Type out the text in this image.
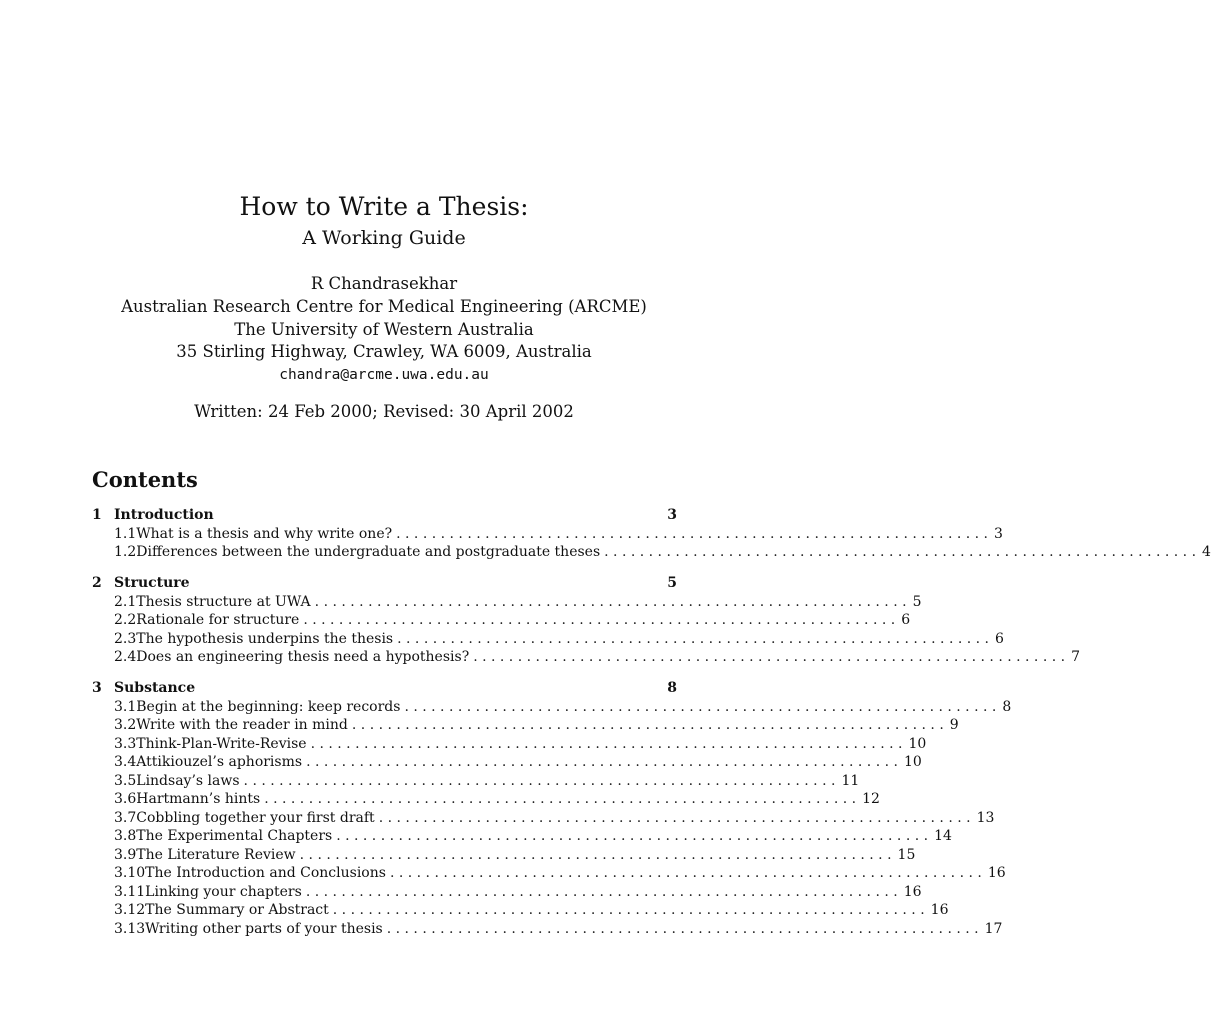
How to Write a Thesis:
A Working Guide
R Chandrasekhar
Australian Research Centre for Medical Engineering (ARCME)
The University of Western Australia
35 Stirling Highway, Crawley, WA 6009, Australia
chandra@arcme.uwa.edu.au
Written: 24 Feb 2000; Revised: 30 April 2002
Contents
1 Introduction	3
1.1 What is a thesis and why write one? . . .	3
1.2 Differences between the undergraduate and postgraduate theses . . .	4
2 Structure	5
2.1 Thesis structure at UWA . . .	5
2.2 Rationale for structure . . .	6
2.3 The hypothesis underpins the thesis . . .	6
2.4 Does an engineering thesis need a hypothesis? . . .	7
3 Substance	8
3.1 Begin at the beginning: keep records . . .	8
3.2 Write with the reader in mind . . .	9
3.3 Think-Plan-Write-Revise . . .	10
3.4 Attikiouzel’s aphorisms . . .	10
3.5 Lindsay’s laws . . .	11
3.6 Hartmann’s hints . . .	12
3.7 Cobbling together your first draft . . .	13
3.8 The Experimental Chapters . . .	14
3.9 The Literature Review . . .	15
3.10 The Introduction and Conclusions . . .	16
3.11 Linking your chapters . . .	16
3.12 The Summary or Abstract . . .	16
3.13 Writing other parts of your thesis . . .	17
